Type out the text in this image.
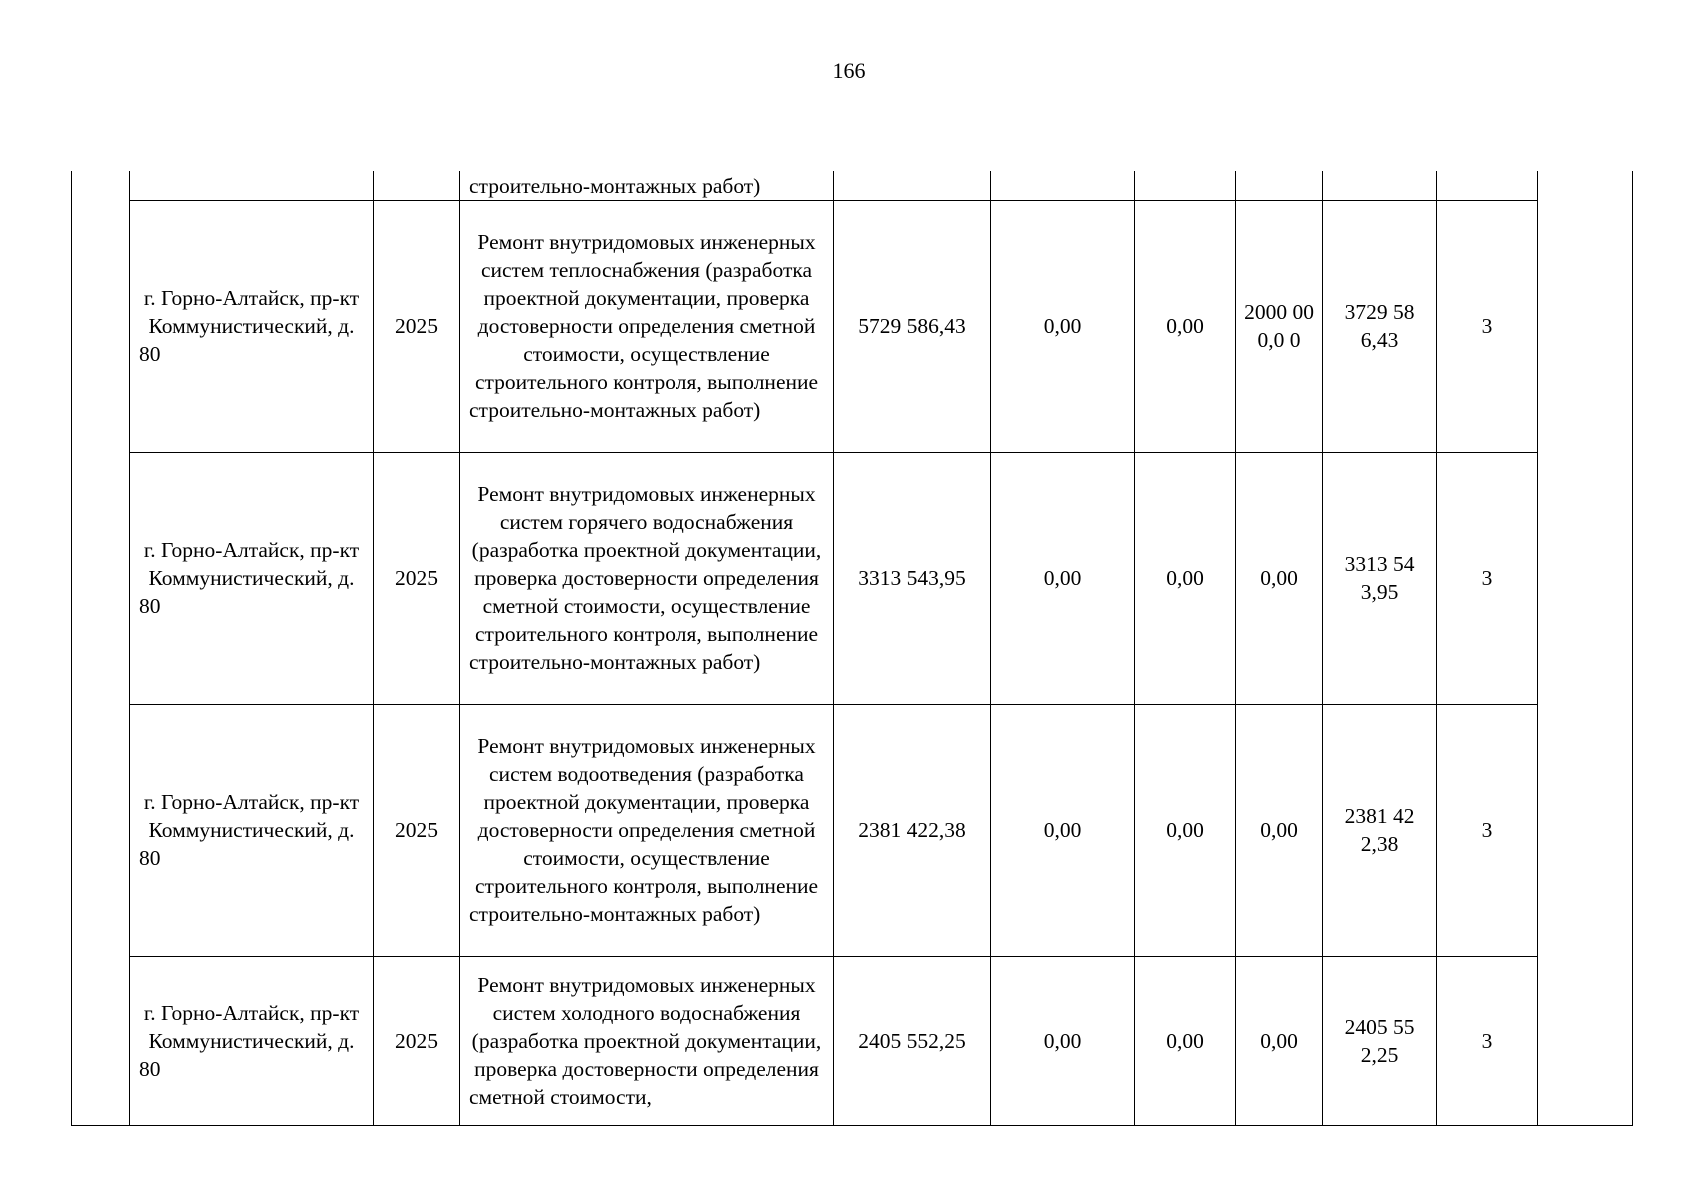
166
		строительно-монтажных работ)						
г. Горно-Алтайск, пр-кт Коммунистический, д. 80	2025	Ремонт внутридомовых инженерных систем теплоснабжения (разработка проектной документации, проверка достоверности определения сметной стоимости, осуществление строительного контроля, выполнение строительно-монтажных работ)	5729 586,43	0,00	0,00	2000 000,0 0	3729 586,43	3
г. Горно-Алтайск, пр-кт Коммунистический, д. 80	2025	Ремонт внутридомовых инженерных систем горячего водоснабжения (разработка проектной документации, проверка достоверности определения сметной стоимости, осуществление строительного контроля, выполнение строительно-монтажных работ)	3313 543,95	0,00	0,00	0,00	3313 543,95	3
г. Горно-Алтайск, пр-кт Коммунистический, д. 80	2025	Ремонт внутридомовых инженерных систем водоотведения (разработка проектной документации, проверка достоверности определения сметной стоимости, осуществление строительного контроля, выполнение строительно-монтажных работ)	2381 422,38	0,00	0,00	0,00	2381 422,38	3
г. Горно-Алтайск, пр-кт Коммунистический, д. 80	2025	Ремонт внутридомовых инженерных систем холодного водоснабжения (разработка проектной документации, проверка достоверности определения сметной стоимости,	2405 552,25	0,00	0,00	0,00	2405 552,25	3
